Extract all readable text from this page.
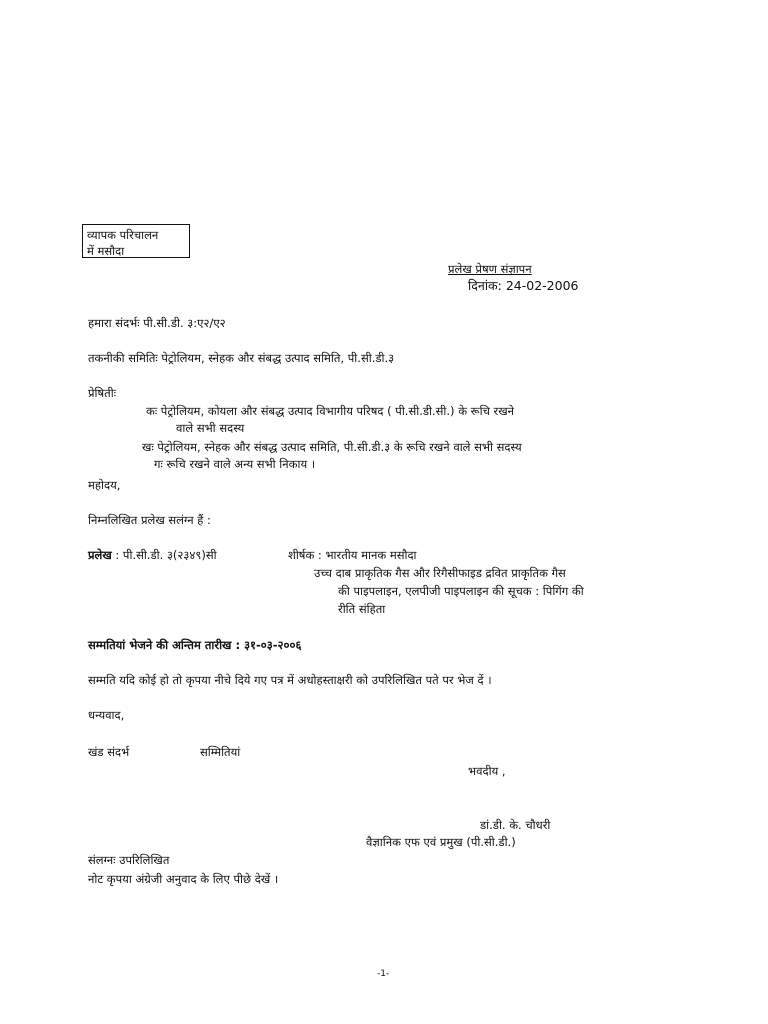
व्यापक परिचालन
में मसौदा
प्रलेख प्रेषण संज्ञापन
दिनांक: 24-02-2006
हमारा संदर्भः पी.सी.डी. ३:ए२/ए२
तकनीकी समितिः पेट्रोलियम, स्नेहक और संबद्ध उत्पाद समिति, पी.सी.डी.३
प्रेषितीः
कः पेट्रोलियम, कोयला और संबद्ध उत्पाद विभागीय परिषद ( पी.सी.डी.सी.) के रूचि रखने
वाले सभी सदस्य
खः पेट्रोलियम, स्नेहक और संबद्ध उत्पाद समिति, पी.सी.डी.३ के रूचि रखने वाले सभी सदस्य
गः रूचि रखने वाले अन्य सभी निकाय ।
महोदय,
निम्नलिखित प्रलेख सलंग्न हैं :
प्रलेख : पी.सी.डी. ३(२३४९)सी	शीर्षक : भारतीय मानक मसौदा
उच्च दाब प्राकृतिक गैस और रिगैसीफाइड द्रवित प्राकृतिक गैस
की पाइपलाइन, एलपीजी पाइपलाइन की सूचक : पिगिंग की
रीति संहिता
सम्मतियां भेजने की अन्तिम तारीख : ३१-०३-२००६
सम्मति यदि कोई हो तो कृपया नीचे दिये गए पत्र में अधोहस्ताक्षरी को उपरिलिखित पते पर भेज दें ।
धन्यवाद,
खंड संदर्भ	सम्मितियां
भवदीय ,
डां.डी. के. चौधरी
वैज्ञानिक एफ एवं प्रमुख (पी.सी.डी.)
संलग्नः उपरिलिखित
नोट कृपया अंग्रेजी अनुवाद के लिए पीछे देखें ।
-1-
